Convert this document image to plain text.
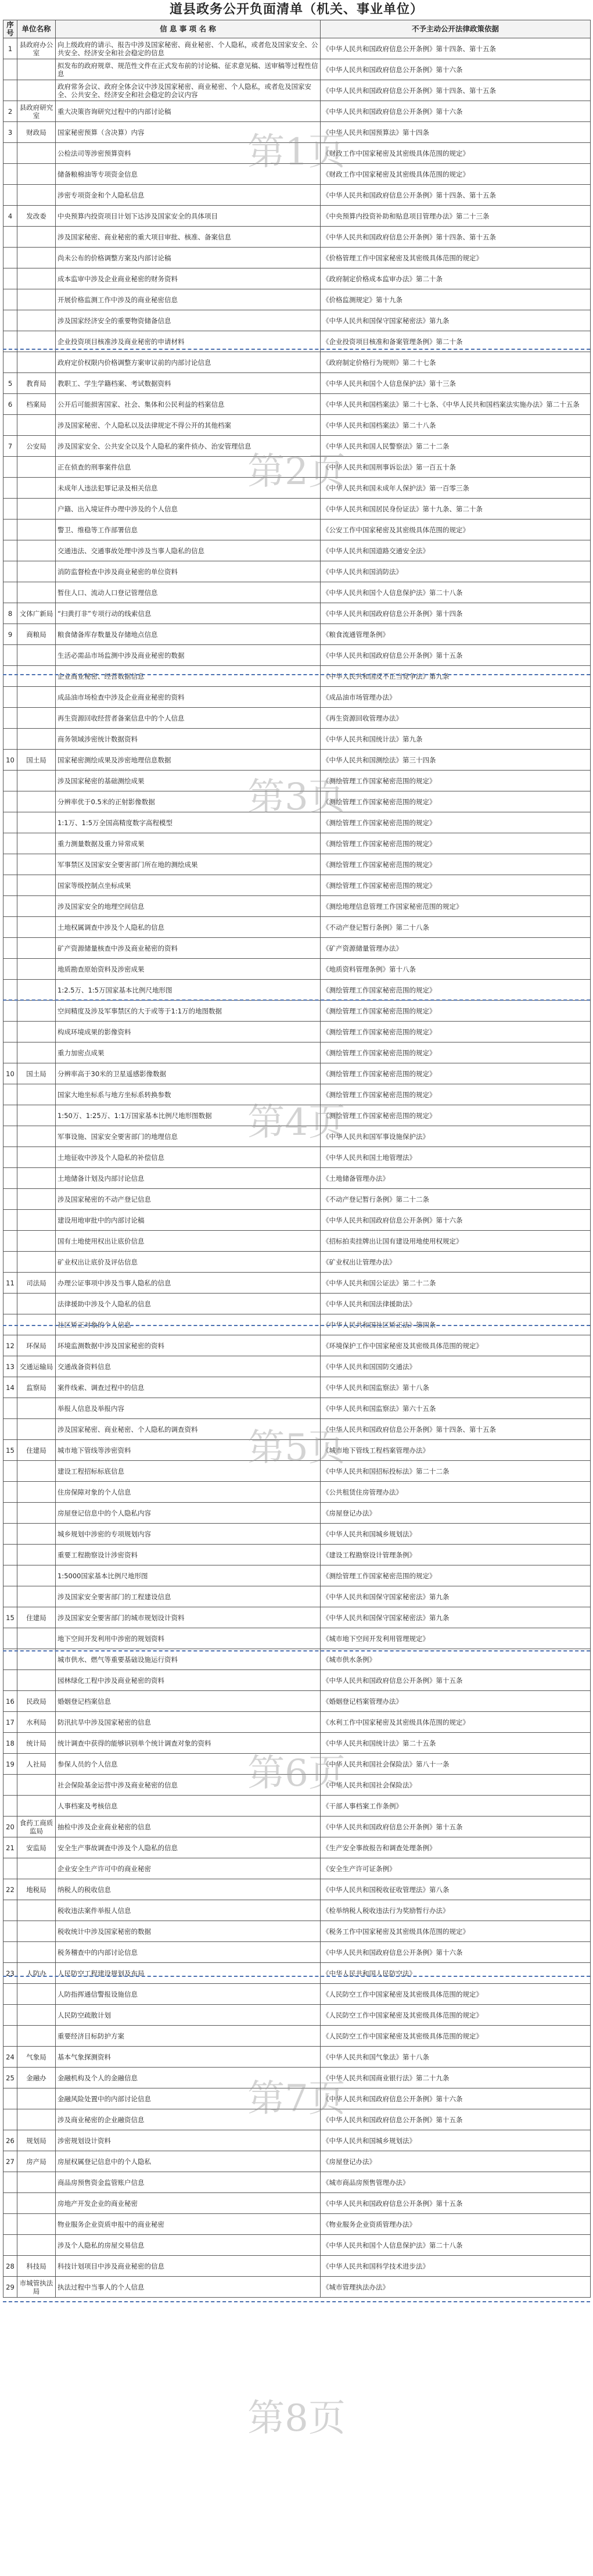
道县政务公开负面清单（机关、事业单位）
序号	单位名称	信 息 事 项 名 称	不予主动公开法律政策依据
1	县政府办公室	向上级政府的请示、报告中涉及国家秘密、商业秘密、个人隐私，或者危及国家安全、公共安全、经济安全和社会稳定的信息	《中华人民共和国政府信息公开条例》第十四条、第十五条
		拟发布的政府规章、规范性文件在正式发布前的讨论稿、征求意见稿、送审稿等过程性信息	《中华人民共和国政府信息公开条例》第十六条
		政府常务会议、政府全体会议中涉及国家秘密、商业秘密、个人隐私，或者危及国家安全、公共安全、经济安全和社会稳定的会议内容	《中华人民共和国政府信息公开条例》第十四条、第十五条
2	县政府研究室	重大决策咨询研究过程中的内部讨论稿	《中华人民共和国政府信息公开条例》第十六条
3	财政局	国家秘密预算（含决算）内容	《中华人民共和国预算法》第十四条
		公检法司等涉密预算资料	《财政工作中国家秘密及其密级具体范围的规定》
		储备粮棉油等专项资金信息	《财政工作中国家秘密及其密级具体范围的规定》
		涉密专项资金和个人隐私信息	《中华人民共和国政府信息公开条例》第十四条、第十五条
4	发改委	中央预算内投资项目计划下达涉及国家安全的具体项目	《中央预算内投资补助和贴息项目管理办法》第二十三条
		涉及国家秘密、商业秘密的重大项目审批、核准、备案信息	《中华人民共和国政府信息公开条例》第十四条、第十五条
		尚未公布的价格调整方案及内部讨论稿	《价格管理工作中国家秘密及其密级具体范围的规定》
		成本监审中涉及企业商业秘密的财务资料	《政府制定价格成本监审办法》第二十条
		开展价格监测工作中涉及的商业秘密信息	《价格监测规定》第十九条
		涉及国家经济安全的重要物资储备信息	《中华人民共和国保守国家秘密法》第九条
		企业投资项目核准涉及商业秘密的申请材料	《企业投资项目核准和备案管理条例》第二十条
		政府定价权限内价格调整方案审议前的内部讨论信息	《政府制定价格行为规则》第二十七条
5	教育局	教职工、学生学籍档案、考试数据资料	《中华人民共和国个人信息保护法》第十三条
6	档案局	公开后可能损害国家、社会、集体和公民利益的档案信息	《中华人民共和国档案法》第二十七条、《中华人民共和国档案法实施办法》第二十五条
		涉及国家秘密、个人隐私以及法律规定不得公开的其他档案	《中华人民共和国档案法》第二十八条
7	公安局	涉及国家安全、公共安全以及个人隐私的案件侦办、治安管理信息	《中华人民共和国人民警察法》第二十二条
		正在侦查的刑事案件信息	《中华人民共和国刑事诉讼法》第一百五十条
		未成年人违法犯罪记录及相关信息	《中华人民共和国未成年人保护法》第一百零三条
		户籍、出入境证件办理中涉及的个人信息	《中华人民共和国居民身份证法》第十九条、第二十条
		警卫、维稳等工作部署信息	《公安工作中国家秘密及其密级具体范围的规定》
		交通违法、交通事故处理中涉及当事人隐私的信息	《中华人民共和国道路交通安全法》
		消防监督检查中涉及商业秘密的单位资料	《中华人民共和国消防法》
		暂住人口、流动人口登记管理信息	《中华人民共和国个人信息保护法》第二十八条
8	文体广新局	“扫黄打非”专项行动的线索信息	《中华人民共和国政府信息公开条例》第十四条
9	商粮局	粮食储备库存数量及存储地点信息	《粮食流通管理条例》
		生活必需品市场监测中涉及商业秘密的数据	《中华人民共和国政府信息公开条例》第十五条
		企业商业秘密、经营数据信息	《中华人民共和国反不正当竞争法》第九条
		成品油市场检查中涉及企业商业秘密的资料	《成品油市场管理办法》
		再生资源回收经营者备案信息中的个人信息	《再生资源回收管理办法》
		商务领域涉密统计数据资料	《中华人民共和国统计法》第九条
10	国土局	国家秘密测绘成果及涉密地理信息数据	《中华人民共和国测绘法》第三十四条
		涉及国家秘密的基础测绘成果	《测绘管理工作国家秘密范围的规定》
		分辨率优于0.5米的正射影像数据	《测绘管理工作国家秘密范围的规定》
		1:1万、1:5万全国高精度数字高程模型	《测绘管理工作国家秘密范围的规定》
		重力测量数据及重力异常成果	《测绘管理工作国家秘密范围的规定》
		军事禁区及国家安全要害部门所在地的测绘成果	《测绘管理工作国家秘密范围的规定》
		国家等级控制点坐标成果	《测绘管理工作国家秘密范围的规定》
		涉及国家安全的地理空间信息	《测绘地理信息管理工作国家秘密范围的规定》
		土地权属调查中涉及个人隐私的信息	《不动产登记暂行条例》第二十八条
		矿产资源储量核查中涉及商业秘密的资料	《矿产资源储量管理办法》
		地质勘查原始资料及涉密成果	《地质资料管理条例》第十八条
		1:2.5万、1:5万国家基本比例尺地形图	《测绘管理工作国家秘密范围的规定》
		空间精度及涉及军事禁区的大于或等于1:1万的地图数据	《测绘管理工作国家秘密范围的规定》
		构成环境成果的影像资料	《测绘管理工作国家秘密范围的规定》
		重力加密点成果	《测绘管理工作国家秘密范围的规定》
10	国土局	分辨率高于30米的卫星遥感影像数据	《测绘管理工作国家秘密范围的规定》
		国家大地坐标系与地方坐标系转换参数	《测绘管理工作国家秘密范围的规定》
		1:50万、1:25万、1:1万国家基本比例尺地形图数据	《测绘管理工作国家秘密范围的规定》
		军事设施、国家安全要害部门的地理信息	《中华人民共和国军事设施保护法》
		土地征收中涉及个人隐私的补偿信息	《中华人民共和国土地管理法》
		土地储备计划及内部讨论信息	《土地储备管理办法》
		涉及国家秘密的不动产登记信息	《不动产登记暂行条例》第二十二条
		建设用地审批中的内部讨论稿	《中华人民共和国政府信息公开条例》第十六条
		国有土地使用权出让底价信息	《招标拍卖挂牌出让国有建设用地使用权规定》
		矿业权出让底价及评估信息	《矿业权出让管理办法》
11	司法局	办理公证事项中涉及当事人隐私的信息	《中华人民共和国公证法》第二十二条
		法律援助中涉及个人隐私的信息	《中华人民共和国法律援助法》
		社区矫正对象的个人信息	《中华人民共和国社区矫正法》第四条
12	环保局	环境监测数据中涉及国家秘密的资料	《环境保护工作中国家秘密及其密级具体范围的规定》
13	交通运输局	交通战备资料信息	《中华人民共和国国防交通法》
14	监察局	案件线索、调查过程中的信息	《中华人民共和国监察法》第十八条
		举报人信息及举报内容	《中华人民共和国监察法》第六十五条
		涉及国家秘密、商业秘密、个人隐私的调查资料	《中华人民共和国政府信息公开条例》第十四条、第十五条
15	住建局	城市地下管线等涉密资料	《城市地下管线工程档案管理办法》
		建设工程招标标底信息	《中华人民共和国招标投标法》第二十二条
		住房保障对象的个人信息	《公共租赁住房管理办法》
		房屋登记信息中的个人隐私内容	《房屋登记办法》
		城乡规划中涉密的专项规划内容	《中华人民共和国城乡规划法》
		重要工程勘察设计涉密资料	《建设工程勘察设计管理条例》
		1:5000国家基本比例尺地形图	《测绘管理工作国家秘密范围的规定》
		涉及国家安全要害部门的工程建设信息	《中华人民共和国保守国家秘密法》第九条
15	住建局	涉及国家安全要害部门的城市规划设计资料	《中华人民共和国保守国家秘密法》第九条
		地下空间开发利用中涉密的规划资料	《城市地下空间开发利用管理规定》
		城市供水、燃气等重要基础设施运行资料	《城市供水条例》
		园林绿化工程中涉及商业秘密的资料	《中华人民共和国政府信息公开条例》第十五条
16	民政局	婚姻登记档案信息	《婚姻登记档案管理办法》
17	水利局	防汛抗旱中涉及国家秘密的信息	《水利工作中国家秘密及其密级具体范围的规定》
18	统计局	统计调查中获得的能够识别单个统计调查对象的资料	《中华人民共和国统计法》第二十五条
19	人社局	参保人员的个人信息	《中华人民共和国社会保险法》第八十一条
		社会保险基金运营中涉及商业秘密的信息	《中华人民共和国社会保险法》
		人事档案及考核信息	《干部人事档案工作条例》
20	食药工商质监局	抽检中涉及企业商业秘密的信息	《中华人民共和国政府信息公开条例》第十五条
21	安监局	安全生产事故调查中涉及个人隐私的信息	《生产安全事故报告和调查处理条例》
		企业安全生产许可中的商业秘密	《安全生产许可证条例》
22	地税局	纳税人的税收信息	《中华人民共和国税收征收管理法》第八条
		税收违法案件举报人信息	《检举纳税人税收违法行为奖励暂行办法》
		税收统计中涉及国家秘密的数据	《税务工作中国家秘密及其密级具体范围的规定》
		税务稽查中的内部讨论信息	《中华人民共和国政府信息公开条例》第十六条
23	人防办	人民防空工程建设规划及布局	《中华人民共和国人民防空法》
		人防指挥通信警报设施信息	《人民防空工作中国家秘密及其密级具体范围的规定》
		人民防空疏散计划	《人民防空工作中国家秘密及其密级具体范围的规定》
		重要经济目标防护方案	《人民防空工作中国家秘密及其密级具体范围的规定》
24	气象局	基本气象探测资料	《中华人民共和国气象法》第十八条
25	金融办	金融机构及个人的金融信息	《中华人民共和国商业银行法》第二十九条
		金融风险处置中的内部讨论信息	《中华人民共和国政府信息公开条例》第十六条
		涉及商业秘密的企业融资信息	《中华人民共和国政府信息公开条例》第十五条
26	规划局	涉密规划设计资料	《中华人民共和国城乡规划法》
27	房产局	房屋权属登记信息中的个人隐私	《房屋登记办法》
		商品房预售资金监管账户信息	《城市商品房预售管理办法》
		房地产开发企业的商业秘密	《中华人民共和国政府信息公开条例》第十五条
		物业服务企业资质申报中的商业秘密	《物业服务企业资质管理办法》
		涉及个人隐私的房屋交易信息	《中华人民共和国个人信息保护法》第二十八条
28	科技局	科技计划项目中涉及商业秘密的信息	《中华人民共和国科学技术进步法》
29	市城管执法局	执法过程中当事人的个人信息	《城市管理执法办法》
第1页
第2页
第3页
第4页
第5页
第6页
第7页
第8页
